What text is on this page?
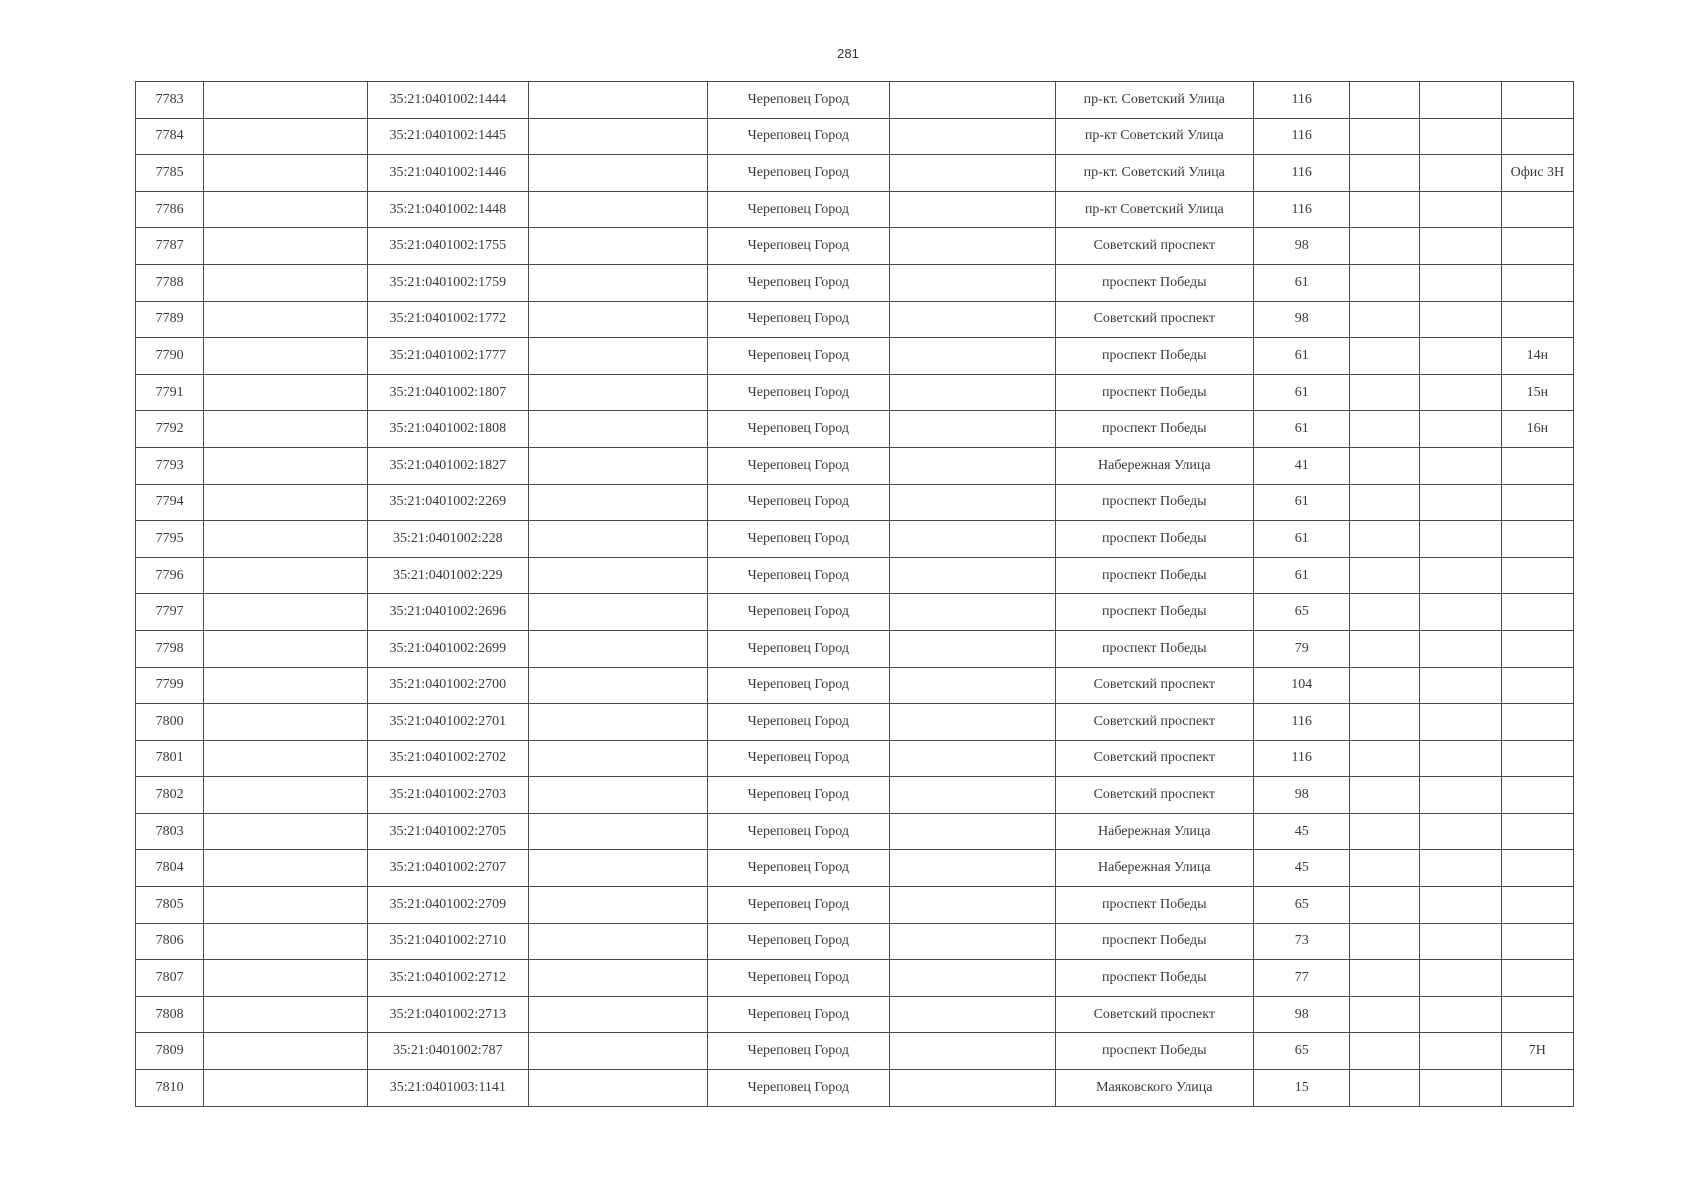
281
7783		35:21:0401002:1444		Череповец Город		пр-кт. Советский Улица	116			
7784		35:21:0401002:1445		Череповец Город		пр-кт Советский Улица	116			
7785		35:21:0401002:1446		Череповец Город		пр-кт. Советский Улица	116			Офис 3Н
7786		35:21:0401002:1448		Череповец Город		пр-кт Советский Улица	116			
7787		35:21:0401002:1755		Череповец Город		Советский проспект	98			
7788		35:21:0401002:1759		Череповец Город		проспект Победы	61			
7789		35:21:0401002:1772		Череповец Город		Советский проспект	98			
7790		35:21:0401002:1777		Череповец Город		проспект Победы	61			14н
7791		35:21:0401002:1807		Череповец Город		проспект Победы	61			15н
7792		35:21:0401002:1808		Череповец Город		проспект Победы	61			16н
7793		35:21:0401002:1827		Череповец Город		Набережная Улица	41			
7794		35:21:0401002:2269		Череповец Город		проспект Победы	61			
7795		35:21:0401002:228		Череповец Город		проспект Победы	61			
7796		35:21:0401002:229		Череповец Город		проспект Победы	61			
7797		35:21:0401002:2696		Череповец Город		проспект Победы	65			
7798		35:21:0401002:2699		Череповец Город		проспект Победы	79			
7799		35:21:0401002:2700		Череповец Город		Советский проспект	104			
7800		35:21:0401002:2701		Череповец Город		Советский проспект	116			
7801		35:21:0401002:2702		Череповец Город		Советский проспект	116			
7802		35:21:0401002:2703		Череповец Город		Советский проспект	98			
7803		35:21:0401002:2705		Череповец Город		Набережная Улица	45			
7804		35:21:0401002:2707		Череповец Город		Набережная Улица	45			
7805		35:21:0401002:2709		Череповец Город		проспект Победы	65			
7806		35:21:0401002:2710		Череповец Город		проспект Победы	73			
7807		35:21:0401002:2712		Череповец Город		проспект Победы	77			
7808		35:21:0401002:2713		Череповец Город		Советский проспект	98			
7809		35:21:0401002:787		Череповец Город		проспект Победы	65			7Н
7810		35:21:0401003:1141		Череповец Город		Маяковского Улица	15			
